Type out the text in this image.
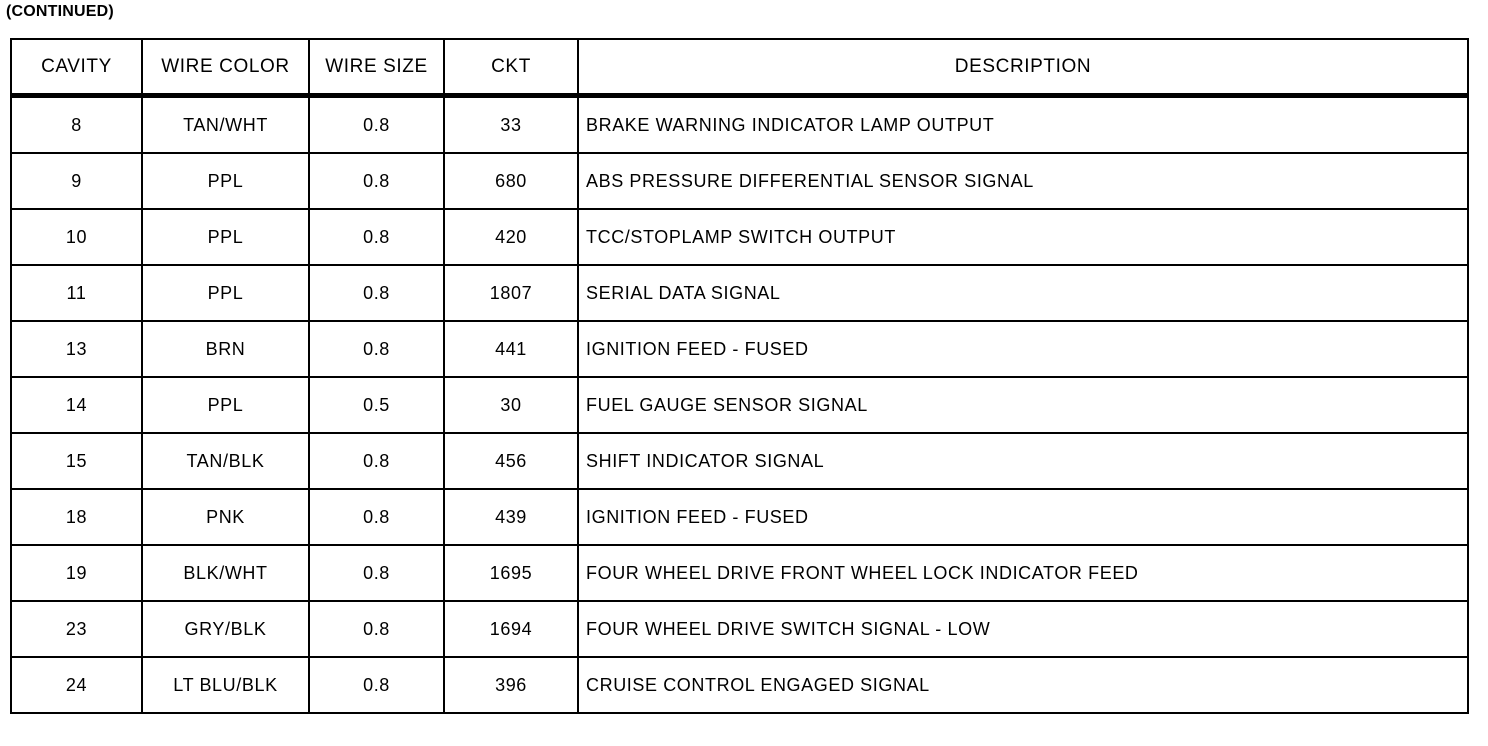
(CONTINUED)
CAVITY	WIRE COLOR	WIRE SIZE	CKT	DESCRIPTION
8	TAN/WHT	0.8	33	BRAKE WARNING INDICATOR LAMP OUTPUT
9	PPL	0.8	680	ABS PRESSURE DIFFERENTIAL SENSOR SIGNAL
10	PPL	0.8	420	TCC/STOPLAMP SWITCH OUTPUT
11	PPL	0.8	1807	SERIAL DATA SIGNAL
13	BRN	0.8	441	IGNITION FEED - FUSED
14	PPL	0.5	30	FUEL GAUGE SENSOR SIGNAL
15	TAN/BLK	0.8	456	SHIFT INDICATOR SIGNAL
18	PNK	0.8	439	IGNITION FEED - FUSED
19	BLK/WHT	0.8	1695	FOUR WHEEL DRIVE FRONT WHEEL LOCK INDICATOR FEED
23	GRY/BLK	0.8	1694	FOUR WHEEL DRIVE SWITCH SIGNAL - LOW
24	LT BLU/BLK	0.8	396	CRUISE CONTROL ENGAGED SIGNAL
